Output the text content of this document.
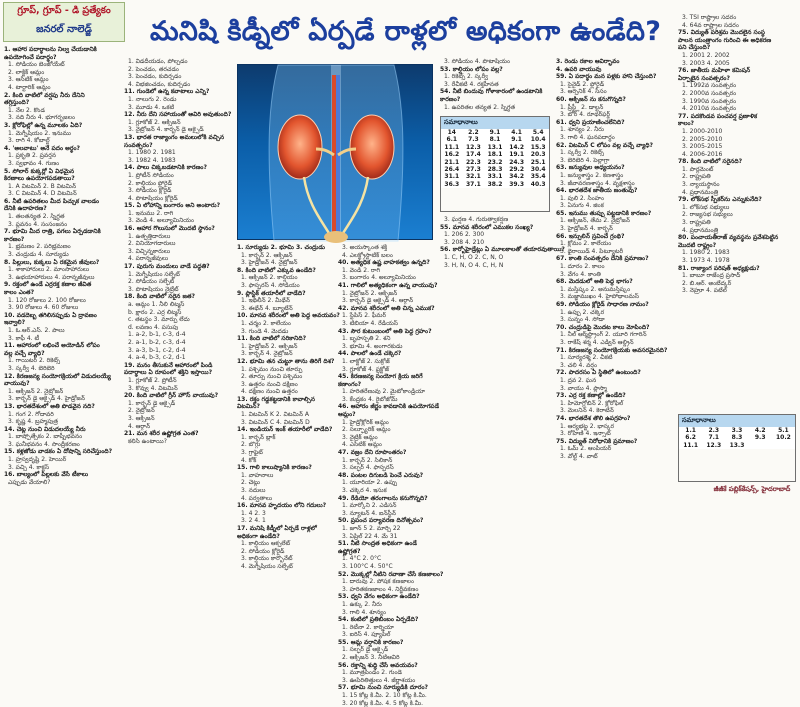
గ్రూప్, గ్రూప్ - డి ప్రత్యేకం
జనరల్ నాలెడ్జ్	మనిషి కిడ్నీలో ఏర్పడే రాళ్లలో అధికంగా ఉండేది?

1. ఆహార పదార్థాలను నిల్వ చేయడానికి

ఉపయోగించే పదార్థం?

1. సోడియం బెంజోయేట్

2. లాక్టిక్ ఆమ్లం

3. ఆసిటిక్ ఆమ్లం

4. టార్టారిక్ ఆమ్లం

2. కింది వాటిలో వర్షపు నీరు దేనిని

తగ్గిస్తుంది?

1. నేల 2. కొండ

3. నది నీరు 4. భూగర్భజలం

3. క్లోరోఫిల్లో ఉన్న మూలకం ఏది?

1. మెగ్నీషియం 2. ఇనుము

3. రాగి 4. కోబాల్ట్

4. 'అలవాటు' అనే పదం అర్థం?

1. ప్రకృతి 2. ప్రవర్తన

3. స్వభావం 4. గుణం

5. సోలార్ కుక్కర్లో ఏ విధమైన

కిరణాలు ఉపయోగపడతాయి?

1. A విటమిన్ 2. B విటమిన్

3. C విటమిన్ 4. D విటమిన్

6. నీటి ఉపరితలం మీద పిచ్చుక వాలడం

దేనికి ఉదాహరణ?

1. తలతన్యత 2. స్నిగ్ధత

3. ప్లవనం 4. సంసంజనం

7. భూమి మీద రాత్రి, పగలు ఏర్పడడానికి

కారణం?

1. భ్రమణం 2. పరిభ్రమణం

3. చంద్రుడు 4. సూర్యుడు

8. పిల్లులు, కుక్కలు ఏ రకమైన జీవులు?

1. శాకాహారులు 2. మాంసాహారులు

3. ఉభయాహారులు 4. పరాన్నజీవులు

9. రక్తంలో ఉండే ఎర్రరక్త కణాల జీవిత

కాలం ఎంత?

1. 120 రోజులు 2. 100 రోజులు

3. 90 రోజులు 4. 60 రోజులు

10. వడదెబ్బ తగిలినప్పుడు ఏ ద్రావణం

ఇవ్వాలి?

1. ఓ.ఆర్.ఎస్. 2. పాలు

3. కాఫీ 4. టీ

11. ఆహారంలో లభించే అయోడిన్ లోపం

వల్ల వచ్చే వ్యాధి?

1. గాయిటర్ 2. రికెట్స్

3. స్కర్వీ 4. బెరిబెరి

12. కిరణజన్య సంయోగక్రియలో విడుదలయ్యే

వాయువు?

1. ఆక్సిజన్ 2. నైట్రోజన్

3. కార్బన్ డై ఆక్సైడ్ 4. హైడ్రోజన్

13. భారతదేశంలో అతి పొడవైన నది?

1. గంగ 2. గోదావరి

3. కృష్ణ 4. బ్రహ్మపుత్ర

14. చెట్ల నుంచి విడుదలయ్యే నీరు

1. బాష్పోత్సేకం 2. బాష్పీభవనం

3. ఘనీభవనం 4. సాంద్రీకరణం

15. కళ్లజోడు వాడకం ఏ దోషాన్ని సరిచేస్తుంది?

1. హ్రస్వదృష్టి 2. హెయిర్

3. పచ్చి 4. కాక్టస్

16. బాల్యంలో పిల్లలకు వేసే టీకాలు

ఎప్పుడు వేయాలి?

1. విడదీయడం, పోల్చడం

2. పెంచడం, తరచడం

3. పెంచడం, కుదిర్చడం

4. విభజించడం, కుదిర్చడం

11. గుండెలో ఉన్న కవాటాలు ఎన్ని?

1. నాలుగు 2. రెండు

3. మూడు 4. ఒకటి

12. నీరు దేని సహాయంతో ఆవిరి అవుతుంది?

1. గ్లూకోజ్ 2. ఆక్సిజన్

3. నైట్రోజన్ 4. కార్బన్ డై ఆక్సైడ్

13. భారత రాజ్యాంగం అమలులోకి వచ్చిన

సంవత్సరం?

1. 1980 2. 1981

3. 1982 4. 1983

14. పాలు చిక్కబడటానికి కారణం?

1. ప్రోటీన్ సోడియం

2. కాల్షియం ఫ్లోరైడ్

3. సోడియం క్లోరైడ్

4. పొటాషియం క్లోరైడ్

15. ఏ లోహాన్ని బంగారం అని అంటారు?

1. ఇనుము 2. రాగి

3. వెండి 4. అల్యూమినియం

16. ఆహార గొలుసులో మొదటి స్థానం?

1. ఉత్పత్తిదారులు

2. వినియోగదారులు

3. విచ్ఛిన్నకారులు

4. పరాన్నజీవులు

17. పురుగు మందులు వాడే పద్ధతి?

1. మెగ్నీషియం సల్ఫేట్

2. సోడియం సల్ఫేట్

3. పొటాషియం నైట్రేట్

18. కింది వాటిలో సరైన జత?

a. ఆమ్లం 1. నీలి లిట్మస్

b. క్షారం 2. ఎర్ర లిట్మస్

c. తటస్థం 3. మార్పు లేదు

d. లవణం 4. పసుపు

1. a-2, b-1, c-3, d-4

2. a-1, b-2, c-3, d-4

3. a-3, b-1, c-2, d-4

4. a-4, b-3, c-2, d-1

19. మనం తీసుకునే ఆహారంలో పిండి

పదార్థాలు ఏ రూపంలో శక్తిని ఇస్తాయి?

1. గ్లూకోజ్ 2. ప్రోటీన్

3. కొవ్వు 4. విటమిన్

20. కింది వాటిలో గ్రీన్ హౌస్ వాయువు?

1. కార్బన్ డై ఆక్సైడ్

2. నైట్రోజన్

3. ఆక్సిజన్

4. ఆర్గాన్

21. మన శరీర ఉష్ణోగ్రత ఎంత?

కలిసి ఉంటాయి?

1. సూర్యుడు 2. భూమి 3. చంద్రుడు

1. కార్బన్ 2. ఆక్సిజన్

3. హైడ్రోజన్ 4. నైట్రోజన్

8. కింది వాటిలో ఎక్కువ ఉండేది?

1. ఆక్సిజన్ 2. కాల్షియం

3. ఫాస్ఫరస్ 4. సోడియం

9. ప్లాస్టిక్ తయారీలో వాడేది?

1. ఇథిలీన్ 2. మీథేన్

3. ఈథేన్ 4. బ్యూటేన్

10. మానవ శరీరంలో అతి పెద్ద అవయవం?

1. చర్మం 2. కాలేయం

3. గుండె 4. మెదడు

11. కింది వాటిలో సరికానిది?

1. హైడ్రోజన్ 2. ఆక్సిజన్

3. కార్బన్ 4. నైట్రోజన్

12. భూమి తన చుట్టూ తాను తిరిగే దిశ?

1. పశ్చిమం నుంచి తూర్పు

2. తూర్పు నుంచి పశ్చిమం

3. ఉత్తరం నుంచి దక్షిణం

4. దక్షిణం నుంచి ఉత్తరం

13. రక్తం గడ్డకట్టడానికి కావాల్సిన

విటమిన్?

1. విటమిన్ K 2. విటమిన్ A

3. విటమిన్ C 4. విటమిన్ D

14. ఇండియన్ ఇంక్ తయారీలో వాడేది?

1. కార్బన్ బ్లాక్

2. బొగ్గు

3. గ్రాఫైట్

4. కోక్

15. గాలి కాలుష్యానికి కారణం?

1. వాహనాలు

2. చెట్లు

3. నదులు

4. పర్వతాలు

16. మానవ హృదయం లోని గదులు?

1. 4 2. 3

3. 2 4. 1

17. మనిషి కిడ్నీలో ఏర్పడే రాళ్లలో

అధికంగా ఉండేది?

1. కాల్షియం ఆక్సలేట్

2. సోడియం క్లోరైడ్

3. కాల్షియం కార్బొనేట్

4. మెగ్నీషియం సల్ఫేట్

3. అయస్కాంత శక్తి

4. ఎలక్ట్రోస్టాటిక్ బలం

40. అత్యధిక ఉష్ణ వాహకత్వం ఉన్నది?

1. వెండి 2. రాగి

3. బంగారం 4. అల్యూమినియం

41. గాలిలో అత్యధికంగా ఉన్న వాయువు?

1. నైట్రోజన్ 2. ఆక్సిజన్

3. కార్బన్ డై ఆక్సైడ్ 4. ఆర్గాన్

42. మానవ శరీరంలో అతి చిన్న ఎముక?

1. స్టేపిస్ 2. ఫీమర్

3. టిబియా 4. రేడియస్

43. సౌర కుటుంబంలో అతి పెద్ద గ్రహం?

1. బృహస్పతి 2. శని

3. భూమి 4. అంగారకుడు

44. పాలలో ఉండే చక్కెర?

1. లాక్టోజ్ 2. సుక్రోజ్

3. గ్లూకోజ్ 4. ఫ్రక్టోజ్

45. కిరణజన్య సంయోగ క్రియ జరిగే

కణాంగం?

1. హరితరేణువు 2. మైటోకాండ్రియా

3. కేంద్రకం 4. రైబోజోమ్

46. ఆహారం జీర్ణం కావడానికి ఉపయోగపడే

ఆమ్లం?

1. హైడ్రోక్లోరిక్ ఆమ్లం

2. సల్ఫ్యూరిక్ ఆమ్లం

3. నైట్రిక్ ఆమ్లం

4. ఎసిటిక్ ఆమ్లం

47. వజ్రం దేని రూపాంతరం?

1. కార్బన్ 2. సిలికాన్

3. సల్ఫర్ 4. ఫాస్ఫరస్

48. పంటల దిగుబడి పెంచే ఎరువు?

1. యూరియా 2. ఉప్పు

3. చక్కెర 4. ఇసుక

49. రేడియో తరంగాలను కనుగొన్నది?

1. మార్కోని 2. ఎడిసన్

3. న్యూటన్ 4. ఐన్‌స్టీన్

50. ప్రపంచ పర్యావరణ దినోత్సవం?

1. జూన్ 5 2. మార్చి 22

3. ఏప్రిల్ 22 4. మే 31

51. నీటి సాంద్రత అధికంగా ఉండే

ఉష్ణోగ్రత?

1. 4°C 2. 0°C

3. 100°C 4. 50°C

52. మొక్కల్లో నీటిని రవాణా చేసే కణజాలం?

1. దారువు 2. పోషక కణజాలం

3. హరితకణజాలం 4. నిర్జీవకణం

53. ధ్వని వేగం అధికంగా ఉండేది?

1. ఉక్కు 2. నీరు

3. గాలి 4. శూన్యం

54. కంటిలో ప్రతిబింబం ఏర్పడేది?

1. రెటీనా 2. కార్నియా

3. ఐరిస్ 4. ప్యూపిల్

55. ఆమ్ల వర్షానికి కారణం?

1. సల్ఫర్ డై ఆక్సైడ్

2. ఆక్సిజన్ 3. నీటిఆవిరి

56. రక్తాన్ని శుద్ధి చేసే అవయవం?

1. మూత్రపిండం 2. గుండె

3. ఊపిరితిత్తులు 4. జీర్ణాశయం

57. భూమి నుంచి సూర్యుడికి దూరం?

1. 15 కోట్ల కి.మీ. 2. 10 కోట్ల కి.మీ.

3. 20 కోట్ల కి.మీ. 4. 5 కోట్ల కి.మీ.

3. సోడియం 4. పొటాషియం

53. కాల్షియం లోపం వల్ల?

1. రికెట్స్ 2. స్కర్వీ

3. రేచీకటి 4. రక్తహీనత

54. నీటి బిందువు గోళాకారంలో ఉండటానికి

కారణం?

1. ఉపరితల తన్యత 2. స్నిగ్ధత

సమాధానాలు
14	2.2	9.1	4.1	5.4
6.1	7.3	8.1	9.1	10.4
11.1	12.3	13.1	14.2	15.3
16.2	17.4	18.1	19.1	20.3
21.1	22.3	23.2	24.3	25.1
26.4	27.3	28.3	29.2	30.4
31.1	32.1	33.1	34.2	35.4
36.3	37.1	38.2	39.3	40.3

3. ఘర్షణ 4. గురుత్వాకర్షణ

55. మానవ శరీరంలో ఎముకల సంఖ్య?

1. 206 2. 300

3. 208 4. 210

56. కార్బోహైడ్రేట్లు ఏ మూలకాలతో తయారవుతాయి?

1. C, H, O 2. C, N, O

3. H, N, O 4. C, H, N

3. రెండు రకాల ఆవిర్భావం

4. ఉపరి వాయువు

59. ఏ పదార్థం మన పళ్లకు హాని చేస్తుంది?

1. సైనైడ్ 2. ఫ్లోరైడ్

3. ఆర్సెనిక్ 4. సీసం

60. ఆక్సిజన్ ను కనుగొన్నది?

1. ప్రీస్ట్లీ 2. డాల్టన్

3. బోర్ 4. రూథర్‌ఫర్డ్

61. ధ్వని ప్రయాణించలేనిది?

1. శూన్యం 2. నీరు

3. గాలి 4. ఘనపదార్థం

62. విటమిన్ C లోపం వల్ల వచ్చే వ్యాధి?

1. స్కర్వీ 2. రికెట్స్

3. బెరిబెరి 4. పెల్లాగ్రా

63. జన్యువుల అధ్యయనం?

1. జన్యుశాస్త్రం 2. కణశాస్త్రం

3. జీవావరణశాస్త్రం 4. వృక్షశాస్త్రం

64. భారతదేశ జాతీయ జంతువు?

1. పులి 2. సింహం

3. ఏనుగు 4. జింక

65. ఇనుము తుప్పు పట్టడానికి కారణం?

1. ఆక్సిజన్, తేమ 2. నైట్రోజన్

3. హైడ్రోజన్ 4. కార్బన్

66. ఇన్సులిన్ స్రవించే గ్రంథి?

1. క్లోమం 2. కాలేయం

3. థైరాయిడ్ 4. పిట్యూటరీ

67. కాంతి సంవత్సరం దేనికి ప్రమాణం?

1. దూరం 2. కాలం

3. వేగం 4. కాంతి

68. మెదడులో అతి పెద్ద భాగం?

1. మస్తిష్కం 2. అనుమస్తిష్కం

3. మజ్జాముఖం 4. హైపోథాలమస్

69. సోడియం క్లోరైడ్ సాధారణ నామం?

1. ఉప్పు 2. చక్కెర

3. సున్నం 4. సోడా

70. చంద్రుడిపై మొదట కాలు మోపింది?

1. నీల్ ఆర్మ్‌స్ట్రాంగ్ 2. యూరి గగారిన్

3. రాకేష్ శర్మ 4. ఎడ్విన్ ఆల్డ్రిన్

71. కిరణజన్య సంయోగక్రియకు అవసరమైనది?

1. సూర్యరశ్మి 2. చీకటి

3. చలి 4. వర్షం

72. పాదరసం ఏ స్థితిలో ఉంటుంది?

1. ద్రవ 2. ఘన

3. వాయు 4. ప్లాస్మా

73. ఎర్ర రక్త కణాల్లో ఉండేది?

1. హిమోగ్లోబిన్ 2. క్లోరోఫిల్

3. మెలనిన్ 4. కెరాటిన్

74. భారతదేశ తొలి ఉపగ్రహం?

1. ఆర్యభట్ట 2. భాస్కర

3. రోహిణి 4. ఇన్సాట్

75. విద్యుత్ నిరోధానికి ప్రమాణం?

1. ఓమ్ 2. ఆంపియర్

3. వోల్ట్ 4. వాట్

3. TSI రాష్ట్రాల సదరం

4. 64వ రాష్ట్రాల సదరం

75. విద్యుత్ పరిశ్రమ మొదలైన సంస్థ

పాలన యంత్రాంగం గురించి ఈ అధికరణ

పని చేస్తుంది?

1. 2001 2. 2002

3. 2003 4. 2005

76. జాతీయ మహిళా కమిషన్

ఏర్పాటైన సంవత్సరం?

1. 1992వ సంవత్సరం

2. 2000వ సంవత్సరం

3. 1990వ సంవత్సరం

4. 2010వ సంవత్సరం

77. పదకొండవ పంచవర్ష ప్రణాళిక

కాలం?

1. 2000-2010

2. 2005-2010

3. 2005-2015

4. 2006-2016

78. కింది వాటిలో సరైనది?

1. పార్లమెంట్

2. రాష్ట్రపతి

3. న్యాయస్థానం

4. ప్రధానమంత్రి

79. లోక్‌సభ స్పీకర్‌ను ఎన్నుకునేది?

1. లోక్‌సభ సభ్యులు

2. రాజ్యసభ సభ్యులు

3. రాష్ట్రపతి

4. ప్రధానమంత్రి

80. పంచాయతీరాజ్ వ్యవస్థను ప్రవేశపెట్టిన

మొదటి రాష్ట్రం?

1. 1980 2. 1983

3. 1973 4. 1978

81. రాజ్యాంగ పరిషత్ అధ్యక్షుడు?

1. బాబూ రాజేంద్ర ప్రసాద్

2. బి.ఆర్. అంబేద్కర్

3. నెహ్రూ 4. పటేల్

సమాధానాలు
1.1	2.3	3.3	4.2	5.1
6.2	7.1	8.3	9.3	10.2
11.1	12.3	13.3
జీజీకే పబ్లిక్‌కేషన్స్, హైదరాబాద్
